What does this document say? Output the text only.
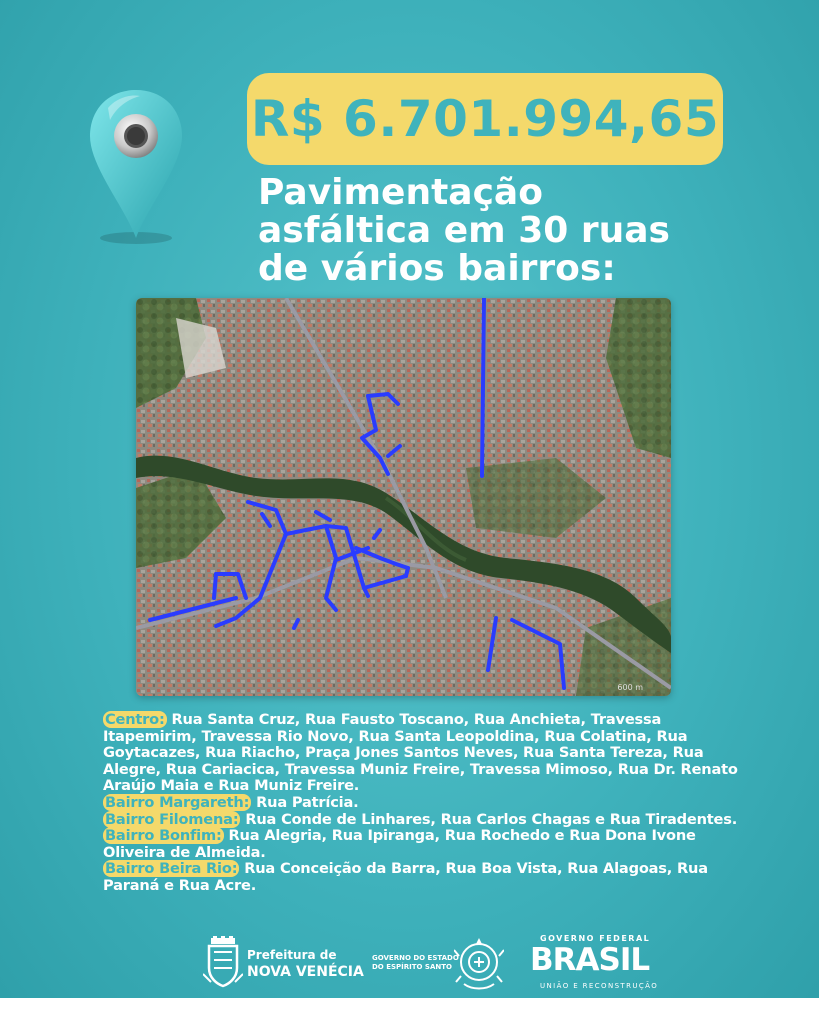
R$ 6.701.994,65
Pavimentação
asfáltica em 30 ruas
de vários bairros:
600 m

Centro: Rua Santa Cruz, Rua Fausto Toscano, Rua Anchieta, Travessa Itapemirim, Travessa Rio Novo, Rua Santa Leopoldina, Rua Colatina, Rua Goytacazes, Rua Riacho, Praça Jones Santos Neves, Rua Santa Tereza, Rua Alegre, Rua Cariacica, Travessa Muniz Freire, Travessa Mimoso, Rua Dr. Renato Araújo Maia e Rua Muniz Freire.

Bairro Margareth: Rua Patrícia.

Bairro Filomena: Rua Conde de Linhares, Rua Carlos Chagas e Rua Tiradentes.

Bairro Bonfim: Rua Alegria, Rua Ipiranga, Rua Rochedo e Rua Dona Ivone Oliveira de Almeida.

Bairro Beira Rio: Rua Conceição da Barra, Rua Boa Vista, Rua Alagoas, Rua Paraná e Rua Acre.

Prefeitura de
NOVA VENÉCIA
GOVERNO DO ESTADO
DO ESPÍRITO SANTO
GOVERNO FEDERAL
BRASIL
UNIÃO E RECONSTRUÇÃO
